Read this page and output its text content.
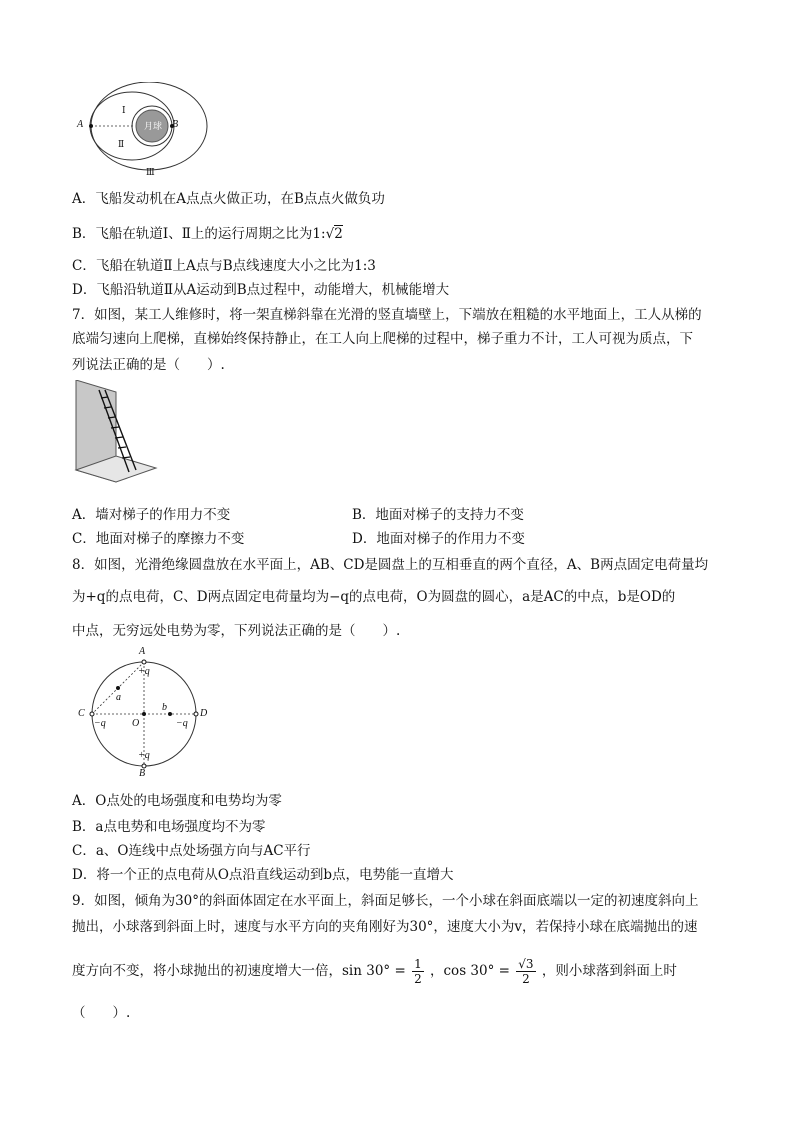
A	B
月球
Ⅰ
Ⅱ
Ⅲ
A．飞船发动机在A点点火做正功，在B点点火做负功
B．飞船在轨道Ⅰ、Ⅱ上的运行周期之比为1:√2
C．飞船在轨道Ⅱ上A点与B点线速度大小之比为1:3
D．飞船沿轨道Ⅱ从A运动到B点过程中，动能增大，机械能增大
7．如图，某工人维修时，将一架直梯斜靠在光滑的竖直墙壁上，下端放在粗糙的水平地面上，工人从梯的
底端匀速向上爬梯，直梯始终保持静止，在工人向上爬梯的过程中，梯子重力不计，工人可视为质点，下
列说法正确的是（　　）.
A．墙对梯子的作用力不变	B．地面对梯子的支持力不变
C．地面对梯子的摩擦力不变	D．地面对梯子的作用力不变
8．如图，光滑绝缘圆盘放在水平面上，AB、CD是圆盘上的互相垂直的两个直径，A、B两点固定电荷量均
为+q的点电荷，C、D两点固定电荷量均为−q的点电荷，O为圆盘的圆心，a是AC的中点，b是OD的
中点，无穷远处电势为零，下列说法正确的是（　　）.
A
B
C	D
O
a
b
+q
+q
−q	−q
A．O点处的电场强度和电势均为零
B．a点电势和电场强度均不为零
C．a、O连线中点处场强方向与AC平行
D．将一个正的点电荷从O点沿直线运动到b点，电势能一直增大
9．如图，倾角为30°的斜面体固定在水平面上，斜面足够长，一个小球在斜面底端以一定的初速度斜向上
抛出，小球落到斜面上时，速度与水平方向的夹角刚好为30°，速度大小为v，若保持小球在底端抛出的速
度方向不变，将小球抛出的初速度增大一倍，$\sin 30^\circ = \frac{1}{2}$ ，$\cos 30^\circ = \frac{√3}{2}$ ，则小球落到斜面上时
（　　）.
